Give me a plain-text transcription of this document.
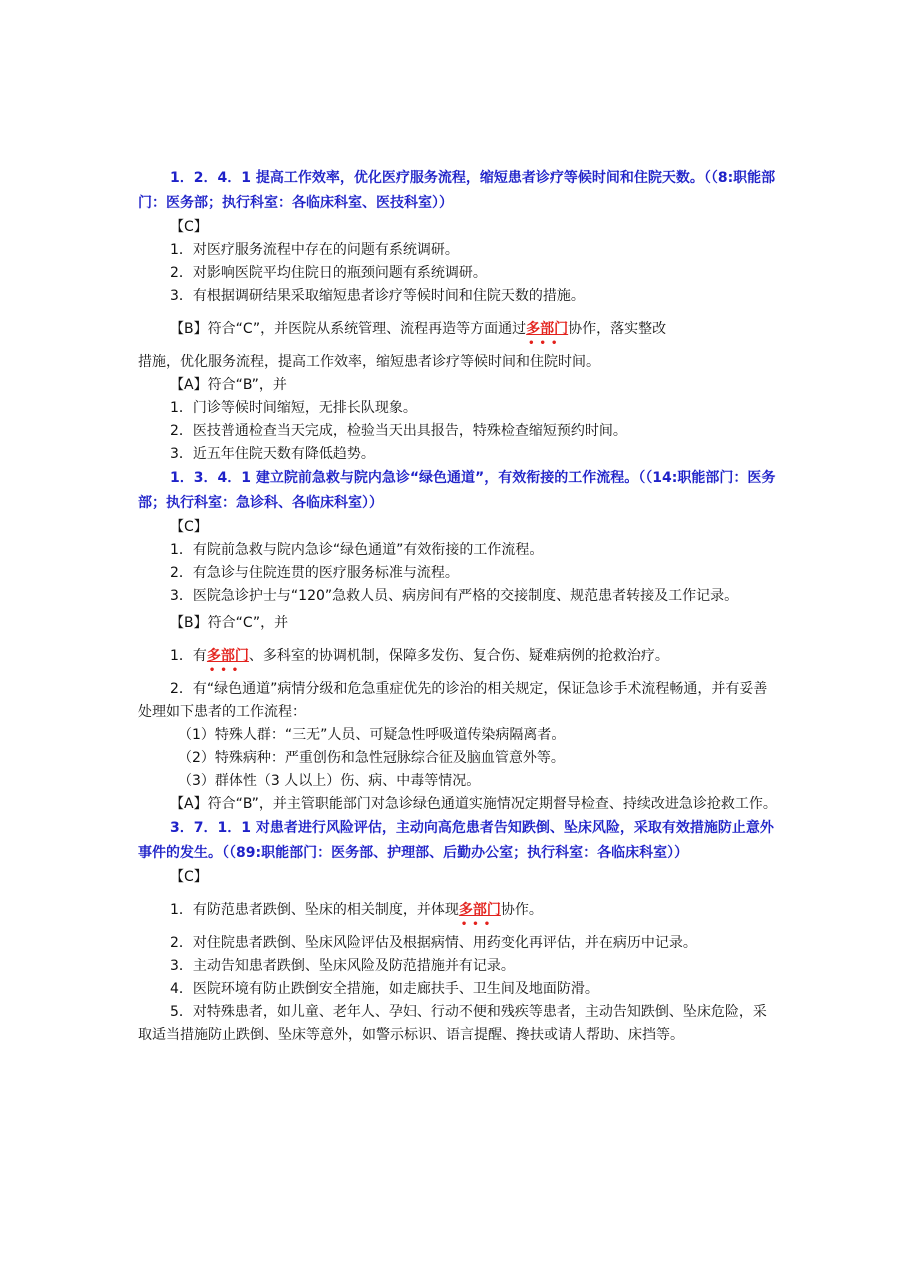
1．2．4．1 提高工作效率，优化医疗服务流程，缩短患者诊疗等候时间和住院天数。（（8:职能部门：医务部；执行科室：各临床科室、医技科室））
【C】
1．对医疗服务流程中存在的问题有系统调研。
2．对影响医院平均住院日的瓶颈问题有系统调研。
3．有根据调研结果采取缩短患者诊疗等候时间和住院天数的措施。
【B】符合“C”，并医院从系统管理、流程再造等方面通过多部门 •••协作，落实整改
措施，优化服务流程，提高工作效率，缩短患者诊疗等候时间和住院时间。
【A】符合“B”，并
1．门诊等候时间缩短，无排长队现象。
2．医技普通检查当天完成，检验当天出具报告，特殊检查缩短预约时间。
3．近五年住院天数有降低趋势。
1．3．4．1 建立院前急救与院内急诊“绿色通道”，有效衔接的工作流程。（（14:职能部门：医务部；执行科室：急诊科、各临床科室））
【C】
1．有院前急救与院内急诊“绿色通道”有效衔接的工作流程。
2．有急诊与住院连贯的医疗服务标准与流程。
3．医院急诊护士与“120”急救人员、病房间有严格的交接制度、规范患者转接及工作记录。
【B】符合“C”，并
1．有多部门 •••、多科室的协调机制，保障多发伤、复合伤、疑难病例的抢救治疗。
2．有“绿色通道”病情分级和危急重症优先的诊治的相关规定，保证急诊手术流程畅通，并有妥善处理如下患者的工作流程：
（1）特殊人群：“三无”人员、可疑急性呼吸道传染病隔离者。
（2）特殊病种：严重创伤和急性冠脉综合征及脑血管意外等。
（3）群体性（3 人以上）伤、病、中毒等情况。
【A】符合“B”，并主管职能部门对急诊绿色通道实施情况定期督导检查、持续改进急诊抢救工作。
3．7．1．1 对患者进行风险评估，主动向高危患者告知跌倒、坠床风险，采取有效措施防止意外事件的发生。（（89:职能部门：医务部、护理部、后勤办公室；执行科室：各临床科室））
【C】
1．有防范患者跌倒、坠床的相关制度，并体现多部门 •••协作。
2．对住院患者跌倒、坠床风险评估及根据病情、用药变化再评估，并在病历中记录。
3．主动告知患者跌倒、坠床风险及防范措施并有记录。
4．医院环境有防止跌倒安全措施，如走廊扶手、卫生间及地面防滑。
5．对特殊患者，如儿童、老年人、孕妇、行动不便和残疾等患者，主动告知跌倒、坠床危险，采取适当措施防止跌倒、坠床等意外，如警示标识、语言提醒、搀扶或请人帮助、床挡等。
